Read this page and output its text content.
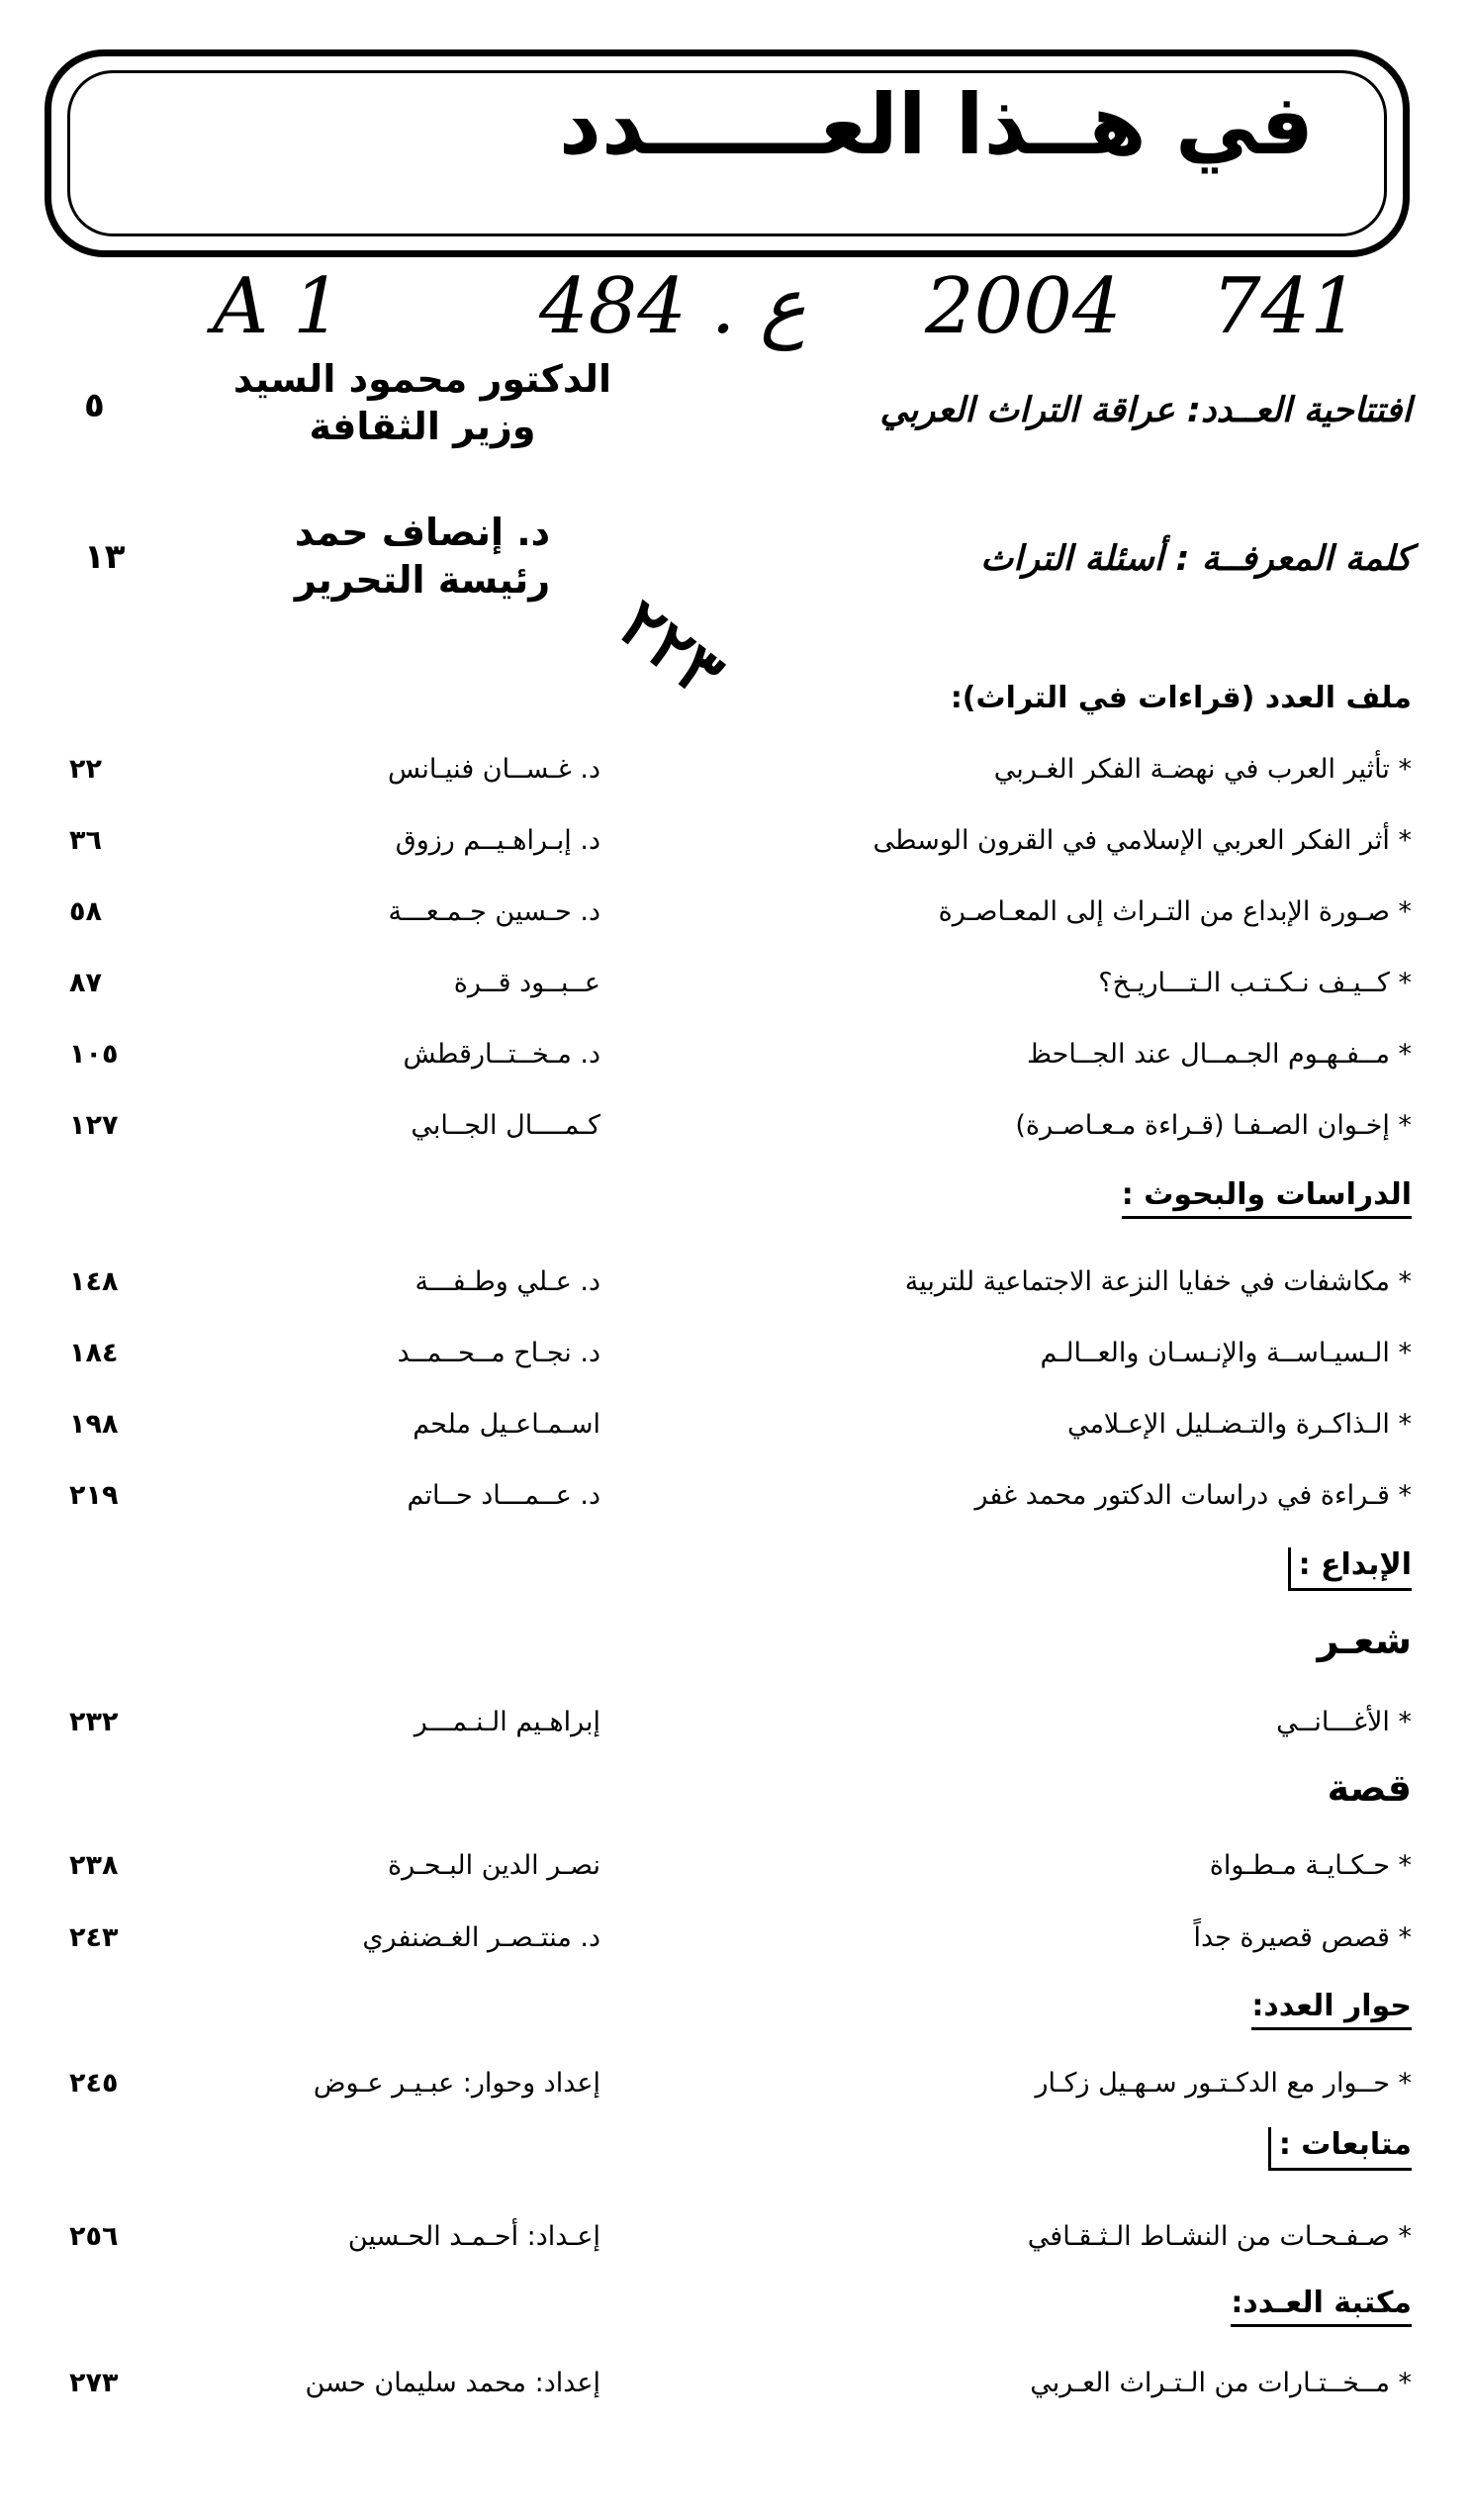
في هــذا العــــــدد
A 1	484 . ع 2004 741
٢٢٣
افتتاحية العــدد: عراقة التراث العربي
الدكتور محمود السيد
وزير الثقافة
٥
كلمة المعرفــة : أسئلة التراث
د. إنصاف حمد
رئيسة التحرير
١٣
ملف العدد (قراءات في التراث):
* تأثير العرب في نهضـة الفكر الغـربي
د. غـســان فنيـانس
٢٢
* أثر الفكر العربي الإسلامي في القرون الوسطى
د. إبـراهـيــم رزوق
٣٦
* صـورة الإبداع من التـراث إلى المعـاصـرة
د. حـسين جـمـعـــة
٥٨
* كــيـف نـكـتـب الـتـــاريـخ؟
عــبــود قــرة
٨٧
* مــفـهـوم الجـمــال عند الجــاحظ
د. مـخــتــارقطش
١٠٥
* إخـوان الصـفـا (قـراءة مـعـاصـرة)
كـمــــال الجــابي
١٢٧
الدراسات والبحوث :
* مكاشفات في خفايا النزعة الاجتماعية للتربية
د. عـلي وطـفـــة
١٤٨
* الـسيـاســة والإنـسـان والعــالـم
د. نجـاح مــحــمــد
١٨٤
* الـذاكـرة والتـضـليل الإعـلامي
اسـمـاعـيل ملحم
١٩٨
* قـراءة في دراسات الدكتور محمد غفر
د. عــمـــاد حــاتم
٢١٩
الإبداع :
شعـر
* الأغـــانــي
إبراهـيم الـنـمـــر
٢٣٢
قصة
* حـكـايـة مـطـواة
نصـر الدين البـحـرة
٢٣٨
* قصص قصيرة جداً
د. منتـصـر الغـضنفري
٢٤٣
حوار العدد:
* حــوار مع الدكـتـور سـهـيل زكـار
إعداد وحوار: عبـيـر عـوض
٢٤٥
متابعات :
* صـفـحـات من النشـاط الـثـقـافي
إعـداد: أحـمـد الحـسين
٢٥٦
مكتبة العـدد:
* مــخــتـارات من الـتـراث العـربي
إعداد: محمد سليمان حسن
٢٧٣
